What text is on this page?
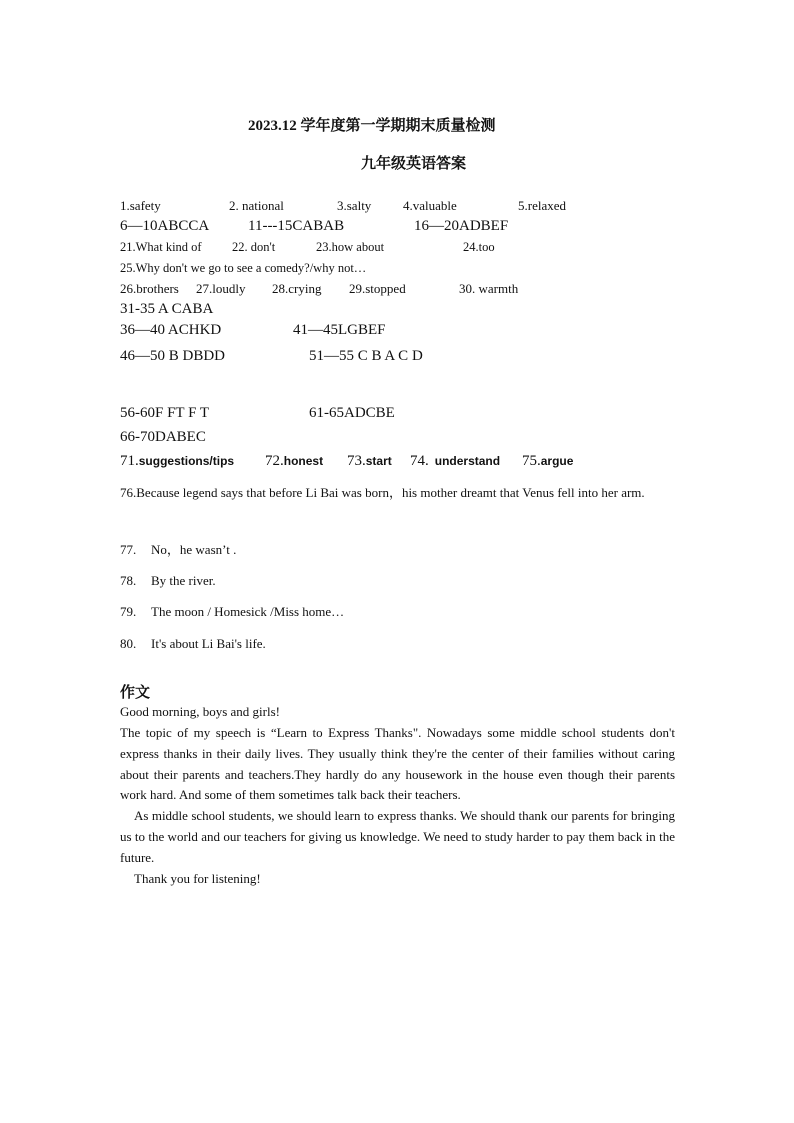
2023.12 学年度第一学期期末质量检测
九年级英语答案
1.safety	2. national	3.salty 4.valuable	5.relaxed
6—10ABCCA	11---15CABAB	16—20ADBEF
21.What kind of 22. don't	23.how about	24.too
25.Why don't we go to see a comedy?/why not…
26.brothers 27.loudly 28.crying 29.stopped	30. warmth
31-35 A CABA
36—40 ACHKD	41—45LGBEF
46—50 B DBDD	51—55 C B A C D
56-60F FT F T	61-65ADCBE
66-70DABEC
71.suggestions/tips 72.honest 73.start 74. understand 75.argue
76.Because legend says that before Li Bai was born，his mother dreamt that Venus fell into her arm.
77. No，he wasn’t .
78. By the river.
79. The moon / Homesick /Miss home…
80. It's about Li Bai's life.
作文
Good morning, boys and girls!
The topic of my speech is “Learn to Express Thanks". Nowadays some middle school students don't express thanks in their daily lives. They usually think they're the center of their families without caring about their parents and teachers.They hardly do any housework in the house even though their parents work hard. And some of them sometimes talk back their teachers.
As middle school students, we should learn to express thanks. We should thank our parents for bringing us to the world and our teachers for giving us knowledge. We need to study harder to pay them back in the future.
Thank you for listening!
